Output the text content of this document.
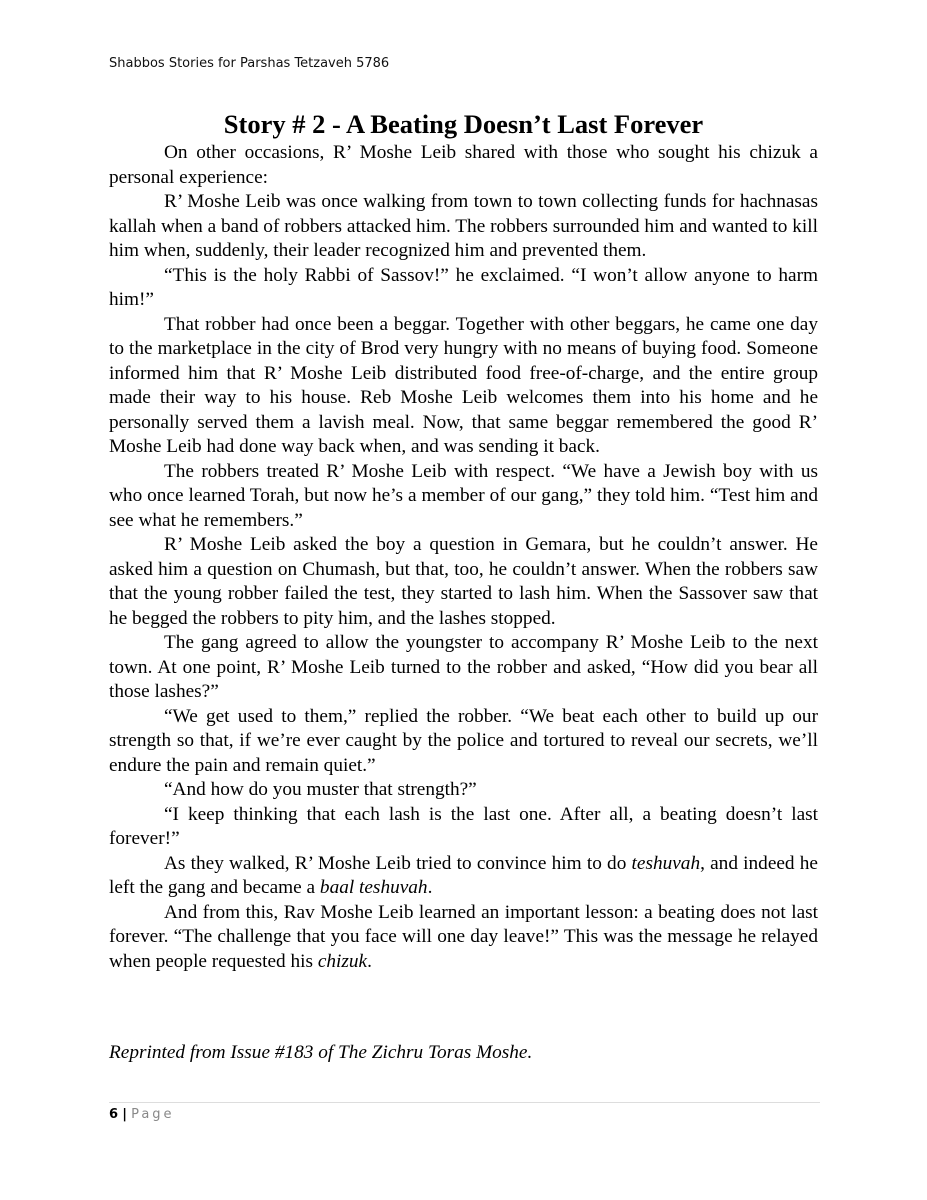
Shabbos Stories for Parshas Tetzaveh 5786
Story # 2 - A Beating Doesn’t Last Forever

On other occasions, R’ Moshe Leib shared with those who sought his chizuk a personal experience:

R’ Moshe Leib was once walking from town to town collecting funds for hachnasas kallah when a band of robbers attacked him. The robbers surrounded him and wanted to kill him when, suddenly, their leader recognized him and prevented them.

“This is the holy Rabbi of Sassov!” he exclaimed. “I won’t allow anyone to harm him!”

That robber had once been a beggar. Together with other beggars, he came one day to the marketplace in the city of Brod very hungry with no means of buying food. Someone informed him that R’ Moshe Leib distributed food free-of-charge, and the entire group made their way to his house. Reb Moshe Leib welcomes them into his home and he personally served them a lavish meal. Now, that same beggar remembered the good R’ Moshe Leib had done way back when, and was sending it back.

The robbers treated R’ Moshe Leib with respect. “We have a Jewish boy with us who once learned Torah, but now he’s a member of our gang,” they told him. “Test him and see what he remembers.”

R’ Moshe Leib asked the boy a question in Gemara, but he couldn’t answer. He asked him a question on Chumash, but that, too, he couldn’t answer. When the robbers saw that the young robber failed the test, they started to lash him. When the Sassover saw that he begged the robbers to pity him, and the lashes stopped.

The gang agreed to allow the youngster to accompany R’ Moshe Leib to the next town. At one point, R’ Moshe Leib turned to the robber and asked, “How did you bear all those lashes?”

“We get used to them,” replied the robber. “We beat each other to build up our strength so that, if we’re ever caught by the police and tortured to reveal our secrets, we’ll endure the pain and remain quiet.”

“And how do you muster that strength?”

“I keep thinking that each lash is the last one. After all, a beating doesn’t last forever!”

As they walked, R’ Moshe Leib tried to convince him to do teshuvah, and indeed he left the gang and became a baal teshuvah.

And from this, Rav Moshe Leib learned an important lesson: a beating does not last forever. “The challenge that you face will one day leave!” This was the message he relayed when people requested his chizuk.

Reprinted from Issue #183 of The Zichru Toras Moshe.
6 | Page
